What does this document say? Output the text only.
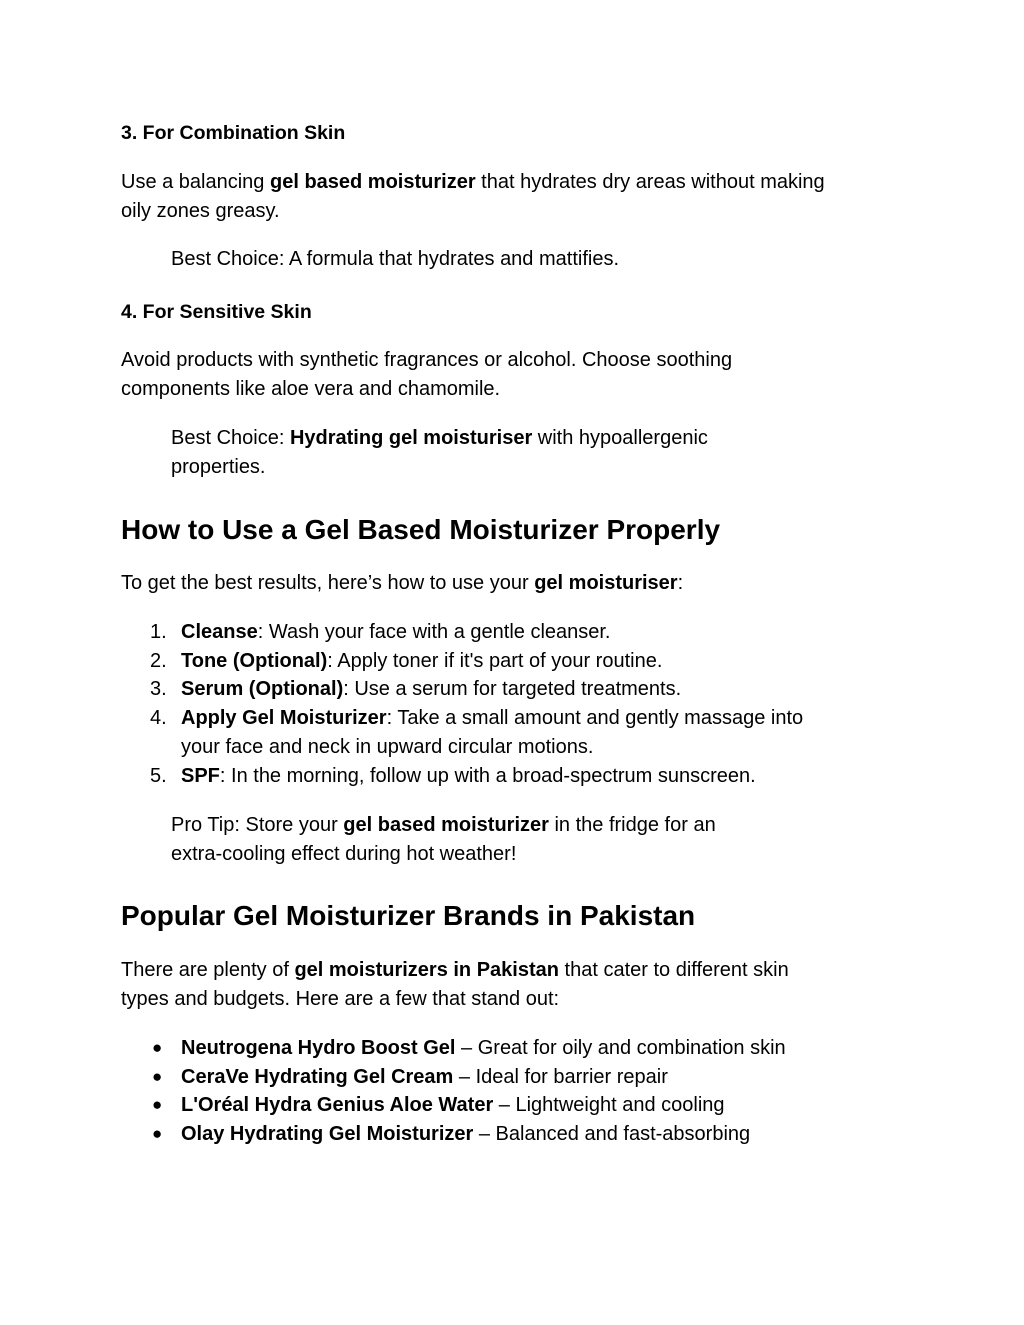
3. For Combination Skin
Use a balancing gel based moisturizer that hydrates dry areas without making
oily zones greasy.
Best Choice: A formula that hydrates and mattifies.
4. For Sensitive Skin
Avoid products with synthetic fragrances or alcohol. Choose soothing
components like aloe vera and chamomile.
Best Choice: Hydrating gel moisturiser with hypoallergenic
properties.
How to Use a Gel Based Moisturizer Properly
To get the best results, here’s how to use your gel moisturiser:
1. Cleanse: Wash your face with a gentle cleanser.
2. Tone (Optional): Apply toner if it's part of your routine.
3. Serum (Optional): Use a serum for targeted treatments.
4. Apply Gel Moisturizer: Take a small amount and gently massage into
your face and neck in upward circular motions.
5. SPF: In the morning, follow up with a broad-spectrum sunscreen.
Pro Tip: Store your gel based moisturizer in the fridge for an
extra-cooling effect during hot weather!
Popular Gel Moisturizer Brands in Pakistan
There are plenty of gel moisturizers in Pakistan that cater to different skin
types and budgets. Here are a few that stand out:
● Neutrogena Hydro Boost Gel – Great for oily and combination skin
● CeraVe Hydrating Gel Cream – Ideal for barrier repair
● L'Oréal Hydra Genius Aloe Water – Lightweight and cooling
● Olay Hydrating Gel Moisturizer – Balanced and fast-absorbing
